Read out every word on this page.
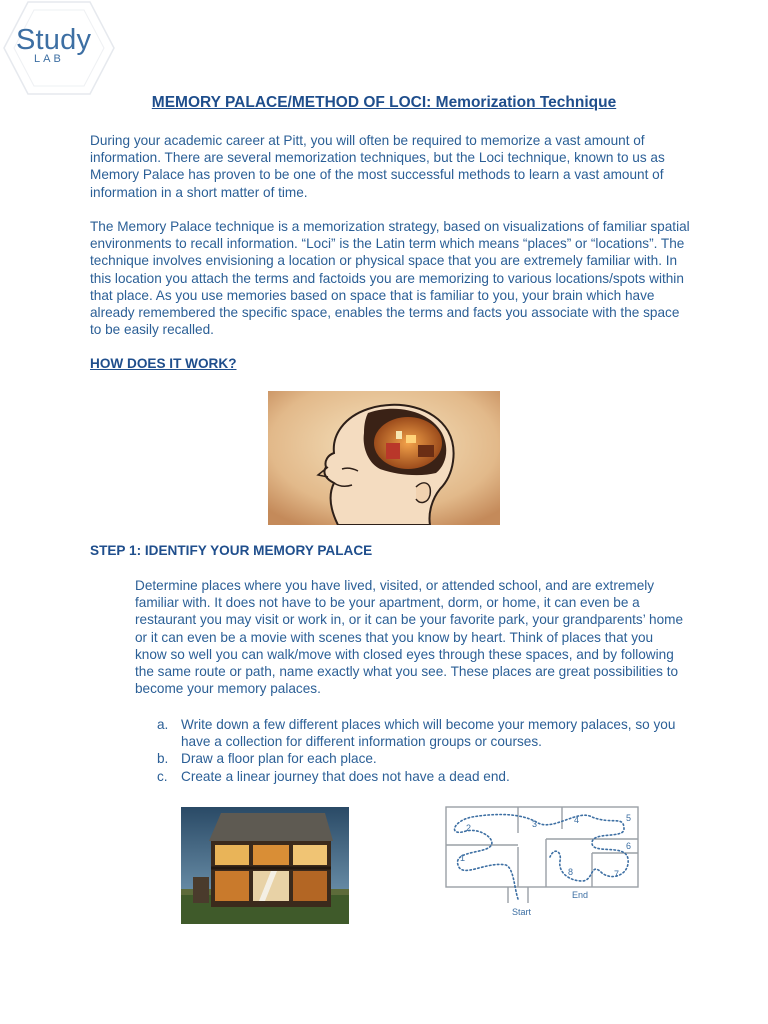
Study
LAB
MEMORY PALACE/METHOD OF LOCI: Memorization Technique

During your academic career at Pitt, you will often be required to memorize a vast amount of information. There are several memorization techniques, but the Loci technique, known to us as Memory Palace has proven to be one of the most successful methods to learn a vast amount of information in a short matter of time.

The Memory Palace technique is a memorization strategy, based on visualizations of familiar spatial environments to recall information. “Loci” is the Latin term which means “places” or “locations”. The technique involves envisioning a location or physical space that you are extremely familiar with. In this location you attach the terms and factoids you are memorizing to various locations/spots within that place. As you use memories based on space that is familiar to you, your brain which have already remembered the specific space, enables the terms and facts you associate with the space to be easily recalled.

HOW DOES IT WORK?

STEP 1: IDENTIFY YOUR MEMORY PALACE

Determine places where you have lived, visited, or attended school, and are extremely familiar with. It does not have to be your apartment, dorm, or home, it can even be a restaurant you may visit or work in, or it can be your favorite park, your grandparents’ home or it can even be a movie with scenes that you know by heart. Think of places that you know so well you can walk/move with closed eyes through these spaces, and by following the same route or path, name exactly what you see. These places are great possibilities to become your memory palaces.

a. Write down a few different places which will become your memory palaces, so you have a collection for different information groups or courses.
b. Draw a floor plan for each place.
c. Create a linear journey that does not have a dead end.
1
2	3	4	5
6
7
8
End
Start
